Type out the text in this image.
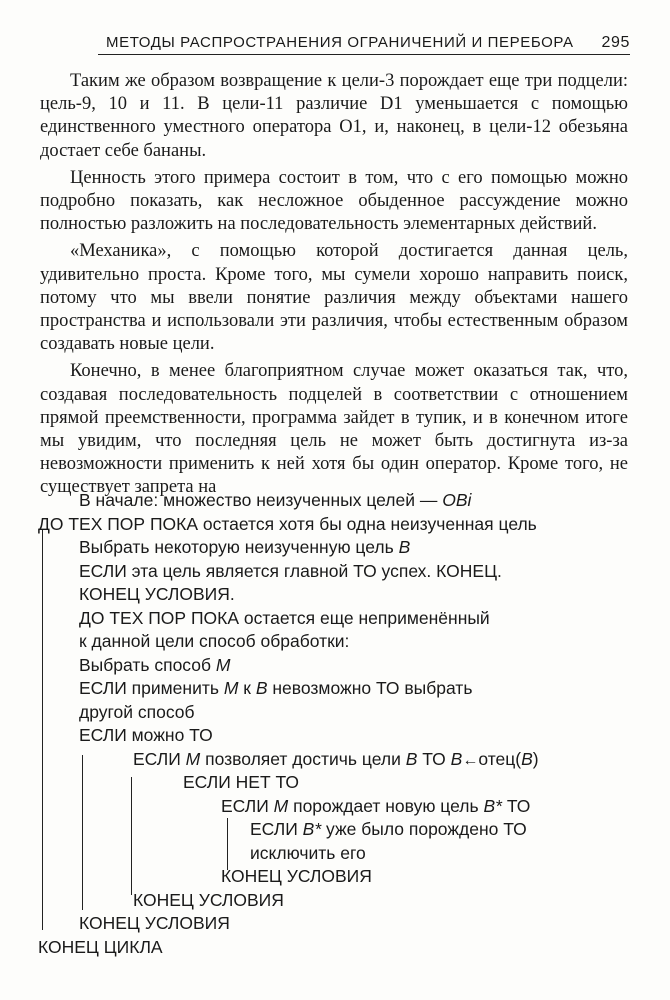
МЕТОДЫ РАСПРОСТРАНЕНИЯ ОГРАНИЧЕНИЙ И ПЕРЕБОРА 295

Таким же образом возвращение к цели-3 порождает еще три подцели: цель-9, 10 и 11. В цели-11 различие D1 уменьшается с помощью единственного уместного оператора O1, и, наконец, в цели-12 обезьяна достает себе бананы.

Ценность этого примера состоит в том, что с его помощью можно подробно показать, как несложное обыденное рассуждение можно полностью разложить на последовательность элементарных действий.

«Механика», с помощью которой достигается данная цель, удивительно проста. Кроме того, мы сумели хорошо направить поиск, потому что мы ввели понятие различия между объектами нашего пространства и использовали эти различия, чтобы естественным образом создавать новые цели.

Конечно, в менее благоприятном случае может оказаться так, что, создавая последовательность подцелей в соответствии с отношением прямой преемственности, программа зайдет в тупик, и в конечном итоге мы увидим, что последняя цель не может быть достигнута из-за невозможности применить к ней хотя бы один оператор. Кроме того, не существует запрета на

В начале: множество неизученных целей — OBi
ДО ТЕХ ПОР ПОКА остается хотя бы одна неизученная цель
Выбрать некоторую неизученную цель B
ЕСЛИ эта цель является главной ТО успех. КОНЕЦ.
КОНЕЦ УСЛОВИЯ.
ДО ТЕХ ПОР ПОКА остается еще неприменённый
к данной цели способ обработки:
Выбрать способ M
ЕСЛИ применить M к B невозможно ТО выбрать
другой способ
ЕСЛИ можно ТО
ЕСЛИ M позволяет достичь цели B ТО B←отец(B)
ЕСЛИ НЕТ ТО
ЕСЛИ M порождает новую цель B* ТО
ЕСЛИ B* уже было порождено ТО
исключить его
КОНЕЦ УСЛОВИЯ
КОНЕЦ УСЛОВИЯ
КОНЕЦ УСЛОВИЯ
КОНЕЦ ЦИКЛА
